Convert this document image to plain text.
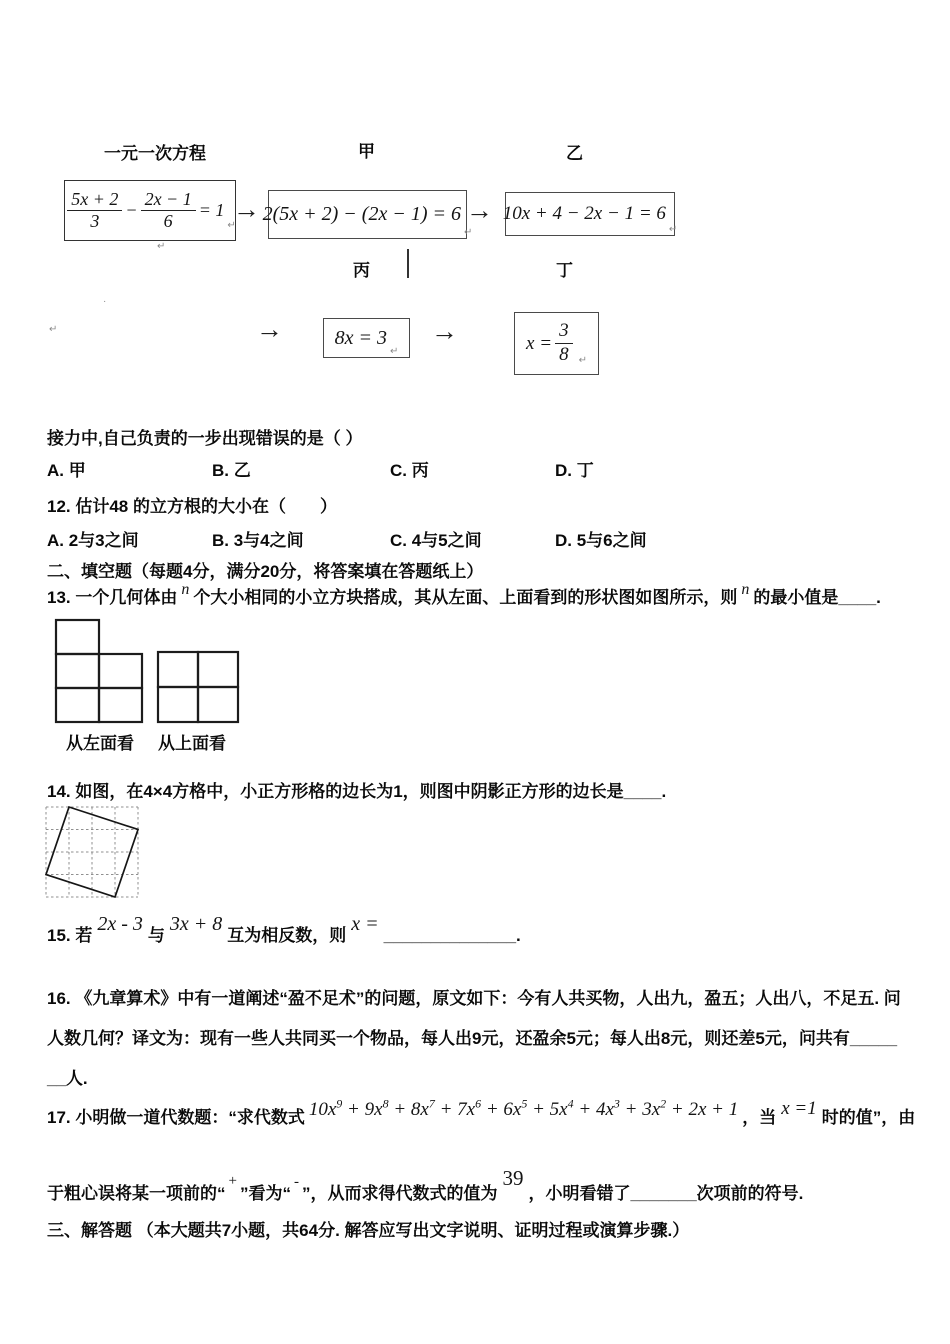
一元一次方程	甲	乙
$\frac{5x + 2}{3} - \frac{2x - 1}{6} = 1$
↵
→ 2(5x + 2) − (2x − 1) = 6
↵
→ 10x + 4 − 2x − 1 = 6
↵
丙	丁
·
↵
↵
→	8x = 3
↵
→	$x = \frac{3}{8}$ ↵
接力中,自己负责的一步出现错误的是（ ）
A. 甲	B. 乙	C. 丙	D. 丁
12. 估计48 的立方根的大小在（　　）
A. 2与3之间	B. 3与4之间	C. 4与5之间	D. 5与6之间
二、填空题（每题4分，满分20分，将答案填在答题纸上）
13. 一个几何体由 n 个大小相同的小立方块搭成，其从左面、上面看到的形状图如图所示，则 n 的最小值是____.
从左面看 从上面看
14. 如图，在4×4方格中，小正方形格的边长为1，则图中阴影正方形的边长是____.
15. 若
2x - 3
与
3x + 8
互为相反数，则
x =
______________.
16. 《九章算术》中有一道阐述“盈不足术”的问题，原文如下：今有人共买物，人出九，盈五；人出八，不足五. 问
人数几何？译文为：现有一些人共同买一个物品，每人出9元，还盈余5元；每人出8元，则还差5元，问共有_____
__人.
17. 小明做一道代数题：“求代数式 $10x^9 + 9x^8 + 8x^7 + 7x^6 + 6x^5 + 5x^4 + 4x^3 + 3x^2 + 2x + 1$ ，当 x =1 时的值”，由
于粗心误将某一项前的“
+
”看为“
-
”，从而求得代数式的值为
39
，小明看错了_______次项前的符号.
三、解答题 （本大题共7小题，共64分. 解答应写出文字说明、证明过程或演算步骤.）
